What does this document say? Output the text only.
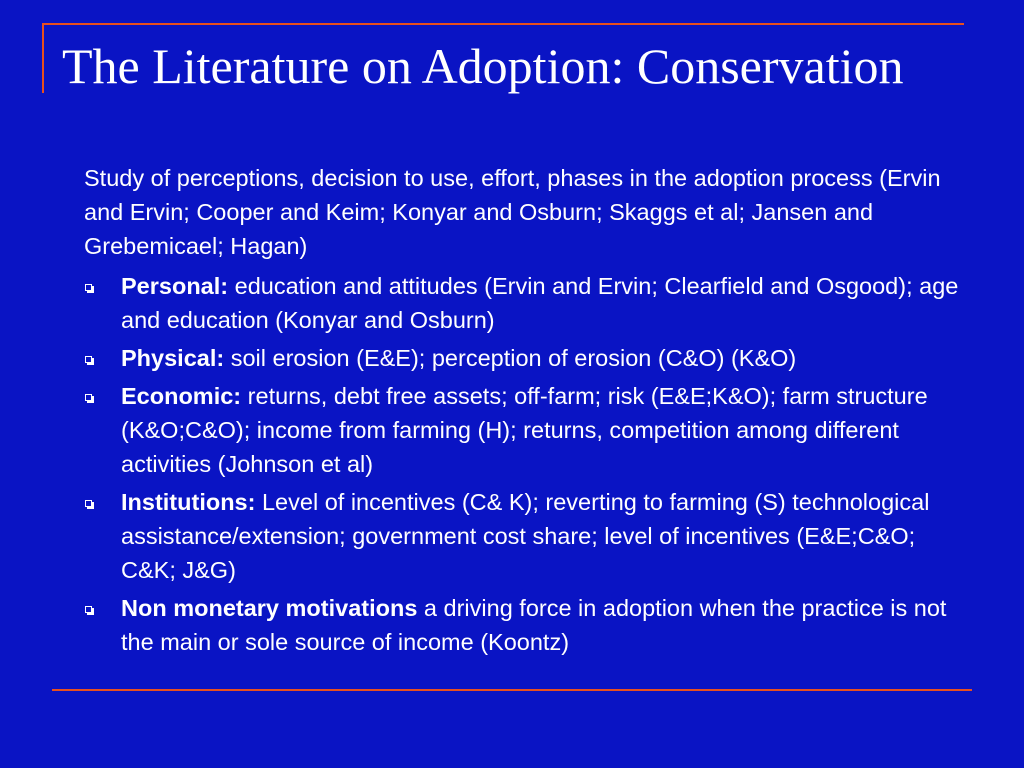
The Literature on Adoption: Conservation

Study of perceptions, decision to use, effort, phases in the adoption process (Ervin and Ervin; Cooper and Keim; Konyar and Osburn; Skaggs et al; Jansen and Grebemicael; Hagan)

Personal: education and attitudes (Ervin and Ervin; Clearfield and Osgood); age and education (Konyar and Osburn)
Physical: soil erosion (E&E); perception of erosion (C&O) (K&O)
Economic: returns, debt free assets; off-farm; risk (E&E;K&O); farm structure (K&O;C&O); income from farming (H); returns, competition among different activities (Johnson et al)
Institutions: Level of incentives (C& K); reverting to farming (S) technological assistance/extension; government cost share; level of incentives (E&E;C&O; C&K; J&G)
Non monetary motivations a driving force in adoption when the practice is not the main or sole source of income (Koontz)
